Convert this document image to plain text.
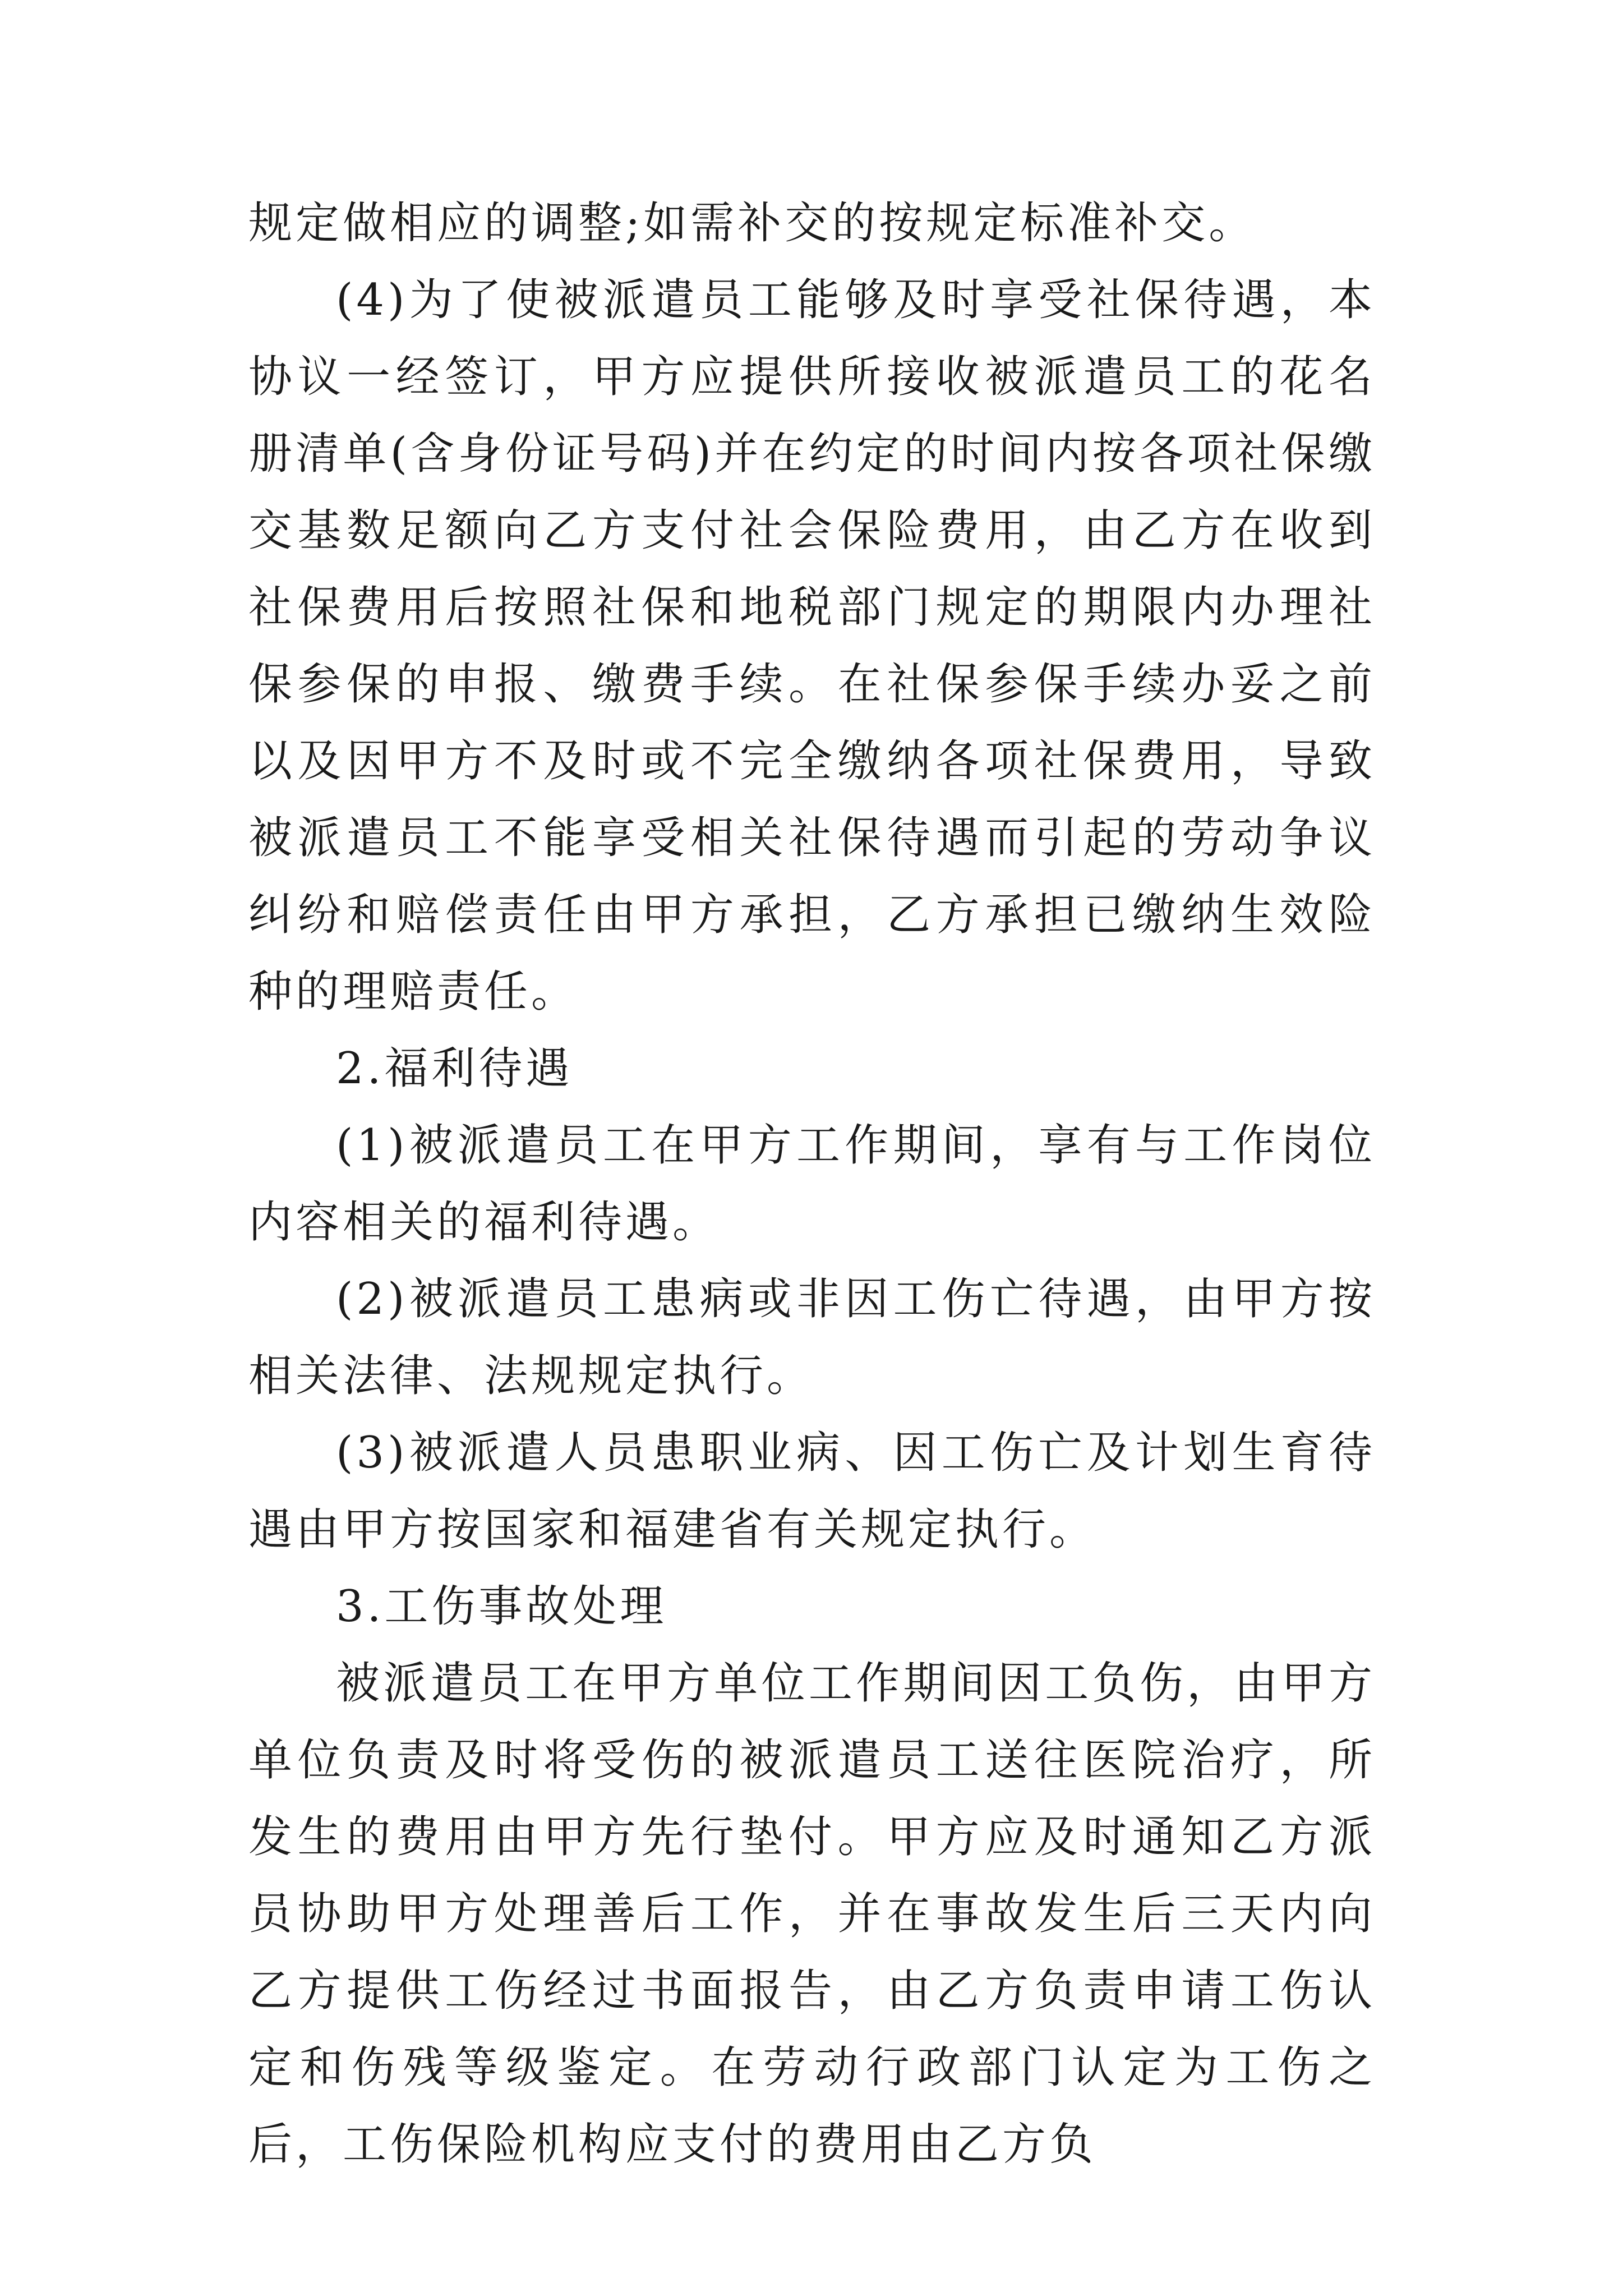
规定做相应的调整;如需补交的按规定标准补交。

(4)为了使被派遣员工能够及时享受社保待遇，本协议一经签订，甲方应提供所接收被派遣员工的花名册清单(含身份证号码)并在约定的时间内按各项社保缴交基数足额向乙方支付社会保险费用，由乙方在收到社保费用后按照社保和地税部门规定的期限内办理社保参保的申报、缴费手续。在社保参保手续办妥之前以及因甲方不及时或不完全缴纳各项社保费用，导致被派遣员工不能享受相关社保待遇而引起的劳动争议纠纷和赔偿责任由甲方承担，乙方承担已缴纳生效险种的理赔责任。

2.福利待遇

(1)被派遣员工在甲方工作期间，享有与工作岗位内容相关的福利待遇。

(2)被派遣员工患病或非因工伤亡待遇，由甲方按相关法律、法规规定执行。

(3)被派遣人员患职业病、因工伤亡及计划生育待遇由甲方按国家和福建省有关规定执行。

3.工伤事故处理

被派遣员工在甲方单位工作期间因工负伤，由甲方单位负责及时将受伤的被派遣员工送往医院治疗，所发生的费用由甲方先行垫付。甲方应及时通知乙方派员协助甲方处理善后工作，并在事故发生后三天内向乙方提供工伤经过书面报告，由乙方负责申请工伤认定和伤残等级鉴定。在劳动行政部门认定为工伤之后，工伤保险机构应支付的费用由乙方负
